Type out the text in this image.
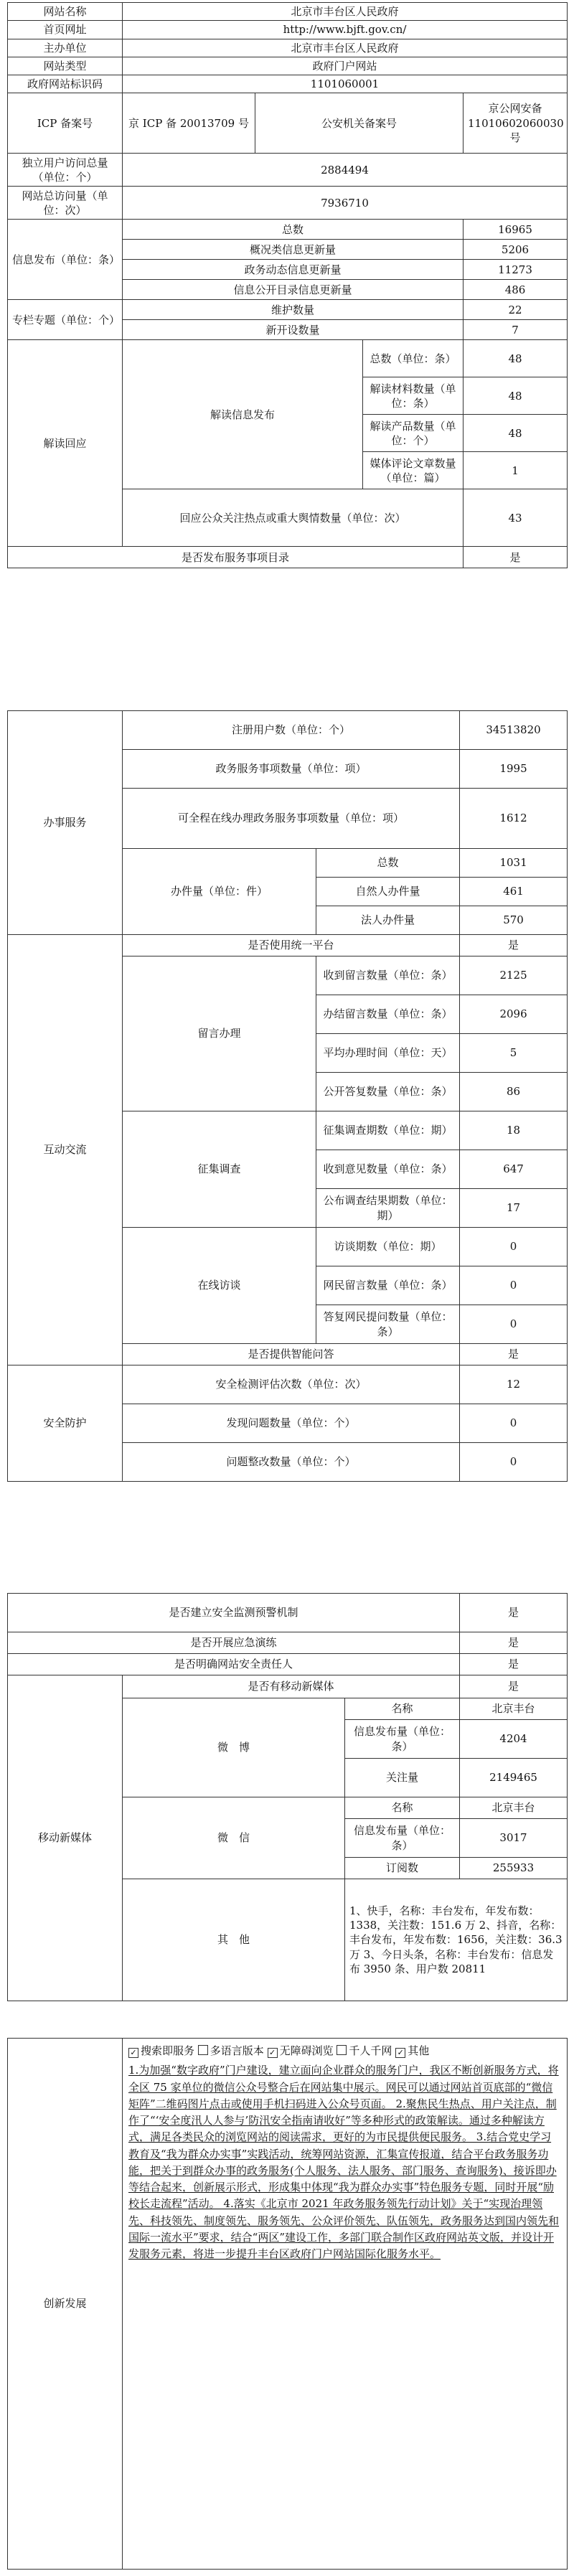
网站名称	北京市丰台区人民政府			
首页网址	http://www.bjft.gov.cn/			
主办单位	北京市丰台区人民政府			
网站类型	政府门户网站			
政府网站标识码	1101060001			
ICP 备案号	京 ICP 备 20013709 号	公安机关备案号		京公网安备11010602060030 号
独立用户访问总量（单位：个）	2884494			
网站总访问量（单位：次）	7936710			
信息发布（单位：条）	总数			16965
	概况类信息更新量			5206
	政务动态信息更新量			11273
	信息公开目录信息更新量			486
专栏专题（单位：个）	维护数量			22
	新开设数量			7
解读回应	解读信息发布		总数（单位：条）	48
			解读材料数量（单位：条）	48
			解读产品数量（单位：个）	48
			媒体评论文章数量（单位：篇）	1
	回应公众关注热点或重大舆情数量（单位：次）			43
是否发布服务事项目录				是
办事服务	注册用户数（单位：个）		34513820
	政务服务事项数量（单位：项）		1995
	可全程在线办理政务服务事项数量（单位：项）		1612
	办件量（单位：件）	总数	1031
		自然人办件量	461
		法人办件量	570
互动交流	是否使用统一平台		是
	留言办理	收到留言数量（单位：条）	2125
		办结留言数量（单位：条）	2096
		平均办理时间（单位：天）	5
		公开答复数量（单位：条）	86
	征集调查	征集调查期数（单位：期）	18
		收到意见数量（单位：条）	647
		公布调查结果期数（单位：期）	17
	在线访谈	访谈期数（单位：期）	0
		网民留言数量（单位：条）	0
		答复网民提问数量（单位：条）	0
	是否提供智能问答		是
安全防护	安全检测评估次数（单位：次）		12
	发现问题数量（单位：个）		0
	问题整改数量（单位：个）		0
是否建立安全监测预警机制			是
是否开展应急演练			是
是否明确网站安全责任人			是
移动新媒体	是否有移动新媒体		是
	微　博	名称	北京丰台
		信息发布量（单位：条）	4204
		关注量	2149465
	微　信	名称	北京丰台
		信息发布量（单位：条）	3017
		订阅数	255933
	其　他	1、快手，名称：丰台发布，年发布数：1338，关注数：151.6 万 2、抖音，名称：丰台发布，年发布数：1656，关注数：36.3 万 3、今日头条，名称：丰台发布：信息发布 3950 条、用户数 20811	
创新发展	
✓ 搜索即服务 多语言版本 ✓ 无障碍浏览 千人千网 ✓ 其他
1.为加强“数字政府”门户建设，建立面向企业群众的服务门户，我区不断创新服务方式，将全区 75 家单位的微信公众号整合后在网站集中展示。网民可以通过网站首页底部的“微信矩阵”二维码图片点击或使用手机扫码进入公众号页面。 2.聚焦民生热点、用户关注点，制作了“‘安全度汛人人参与’防汛安全指南请收好”等多种形式的政策解读。通过多种解读方式，满足各类民众的浏览网站的阅读需求，更好的为市民提供便民服务。 3.结合党史学习教育及“我为群众办实事”实践活动，统筹网站资源，汇集宣传报道，结合平台政务服务功能，把关于到群众办事的政务服务(个人服务、法人服务、部门服务、查询服务)、接诉即办等结合起来，创新展示形式，形成集中体现“我为群众办实事”特色服务专题，同时开展“励校长走流程”活动。 4.落实《北京市 2021 年政务服务领先行动计划》关于“实现治理领先、科技领先、制度领先、服务领先、公众评价领先、队伍领先，政务服务达到国内领先和国际一流水平”要求，结合“两区”建设工作，多部门联合制作区政府网站英文版，并设计开发服务元素，将进一步提升丰台区政府门户网站国际化服务水平。
